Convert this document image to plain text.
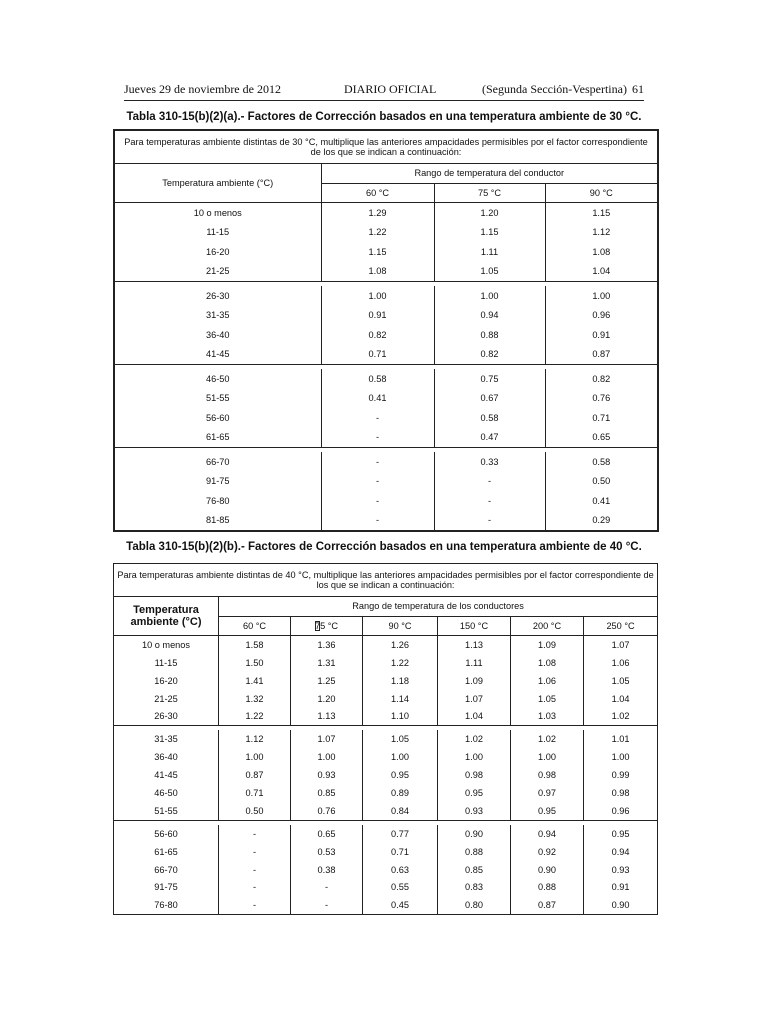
Jueves 29 de noviembre de 2012	DIARIO OFICIAL	(Segunda Sección-Vespertina) 61
Tabla 310-15(b)(2)(a).- Factores de Corrección basados en una temperatura ambiente de 30 °C.
Para temperaturas ambiente distintas de 30 °C, multiplique las anteriores ampacidades permisibles por el factor correspondiente de los que se indican a continuación:			
Temperatura ambiente (°C)	Rango de temperatura del conductor		
	60 °C	75 °C	90 °C
10 o menos	1.29	1.20	1.15
11-15	1.22	1.15	1.12
16-20	1.15	1.11	1.08
21-25	1.08	1.05	1.04

26-30	1.00	1.00	1.00
31-35	0.91	0.94	0.96
36-40	0.82	0.88	0.91
41-45	0.71	0.82	0.87

46-50	0.58	0.75	0.82
51-55	0.41	0.67	0.76
56-60	-	0.58	0.71
61-65	-	0.47	0.65

66-70	-	0.33	0.58
91-75	-	-	0.50
76-80	-	-	0.41
81-85	-	-	0.29
Tabla 310-15(b)(2)(b).- Factores de Corrección basados en una temperatura ambiente de 40 °C.
Para temperaturas ambiente distintas de 40 °C, multiplique las anteriores ampacidades permisibles por el factor correspondiente de los que se indican a continuación:						
Temperatura ambiente (°C)	Rango de temperatura de los conductores					
	60 °C	75 °C	90 °C	150 °C	200 °C	250 °C
10 o menos	1.58	1.36	1.26	1.13	1.09	1.07
11-15	1.50	1.31	1.22	1.11	1.08	1.06
16-20	1.41	1.25	1.18	1.09	1.06	1.05
21-25	1.32	1.20	1.14	1.07	1.05	1.04
26-30	1.22	1.13	1.10	1.04	1.03	1.02

31-35	1.12	1.07	1.05	1.02	1.02	1.01
36-40	1.00	1.00	1.00	1.00	1.00	1.00
41-45	0.87	0.93	0.95	0.98	0.98	0.99
46-50	0.71	0.85	0.89	0.95	0.97	0.98
51-55	0.50	0.76	0.84	0.93	0.95	0.96

56-60	-	0.65	0.77	0.90	0.94	0.95
61-65	-	0.53	0.71	0.88	0.92	0.94
66-70	-	0.38	0.63	0.85	0.90	0.93
91-75	-	-	0.55	0.83	0.88	0.91
76-80	-	-	0.45	0.80	0.87	0.90
